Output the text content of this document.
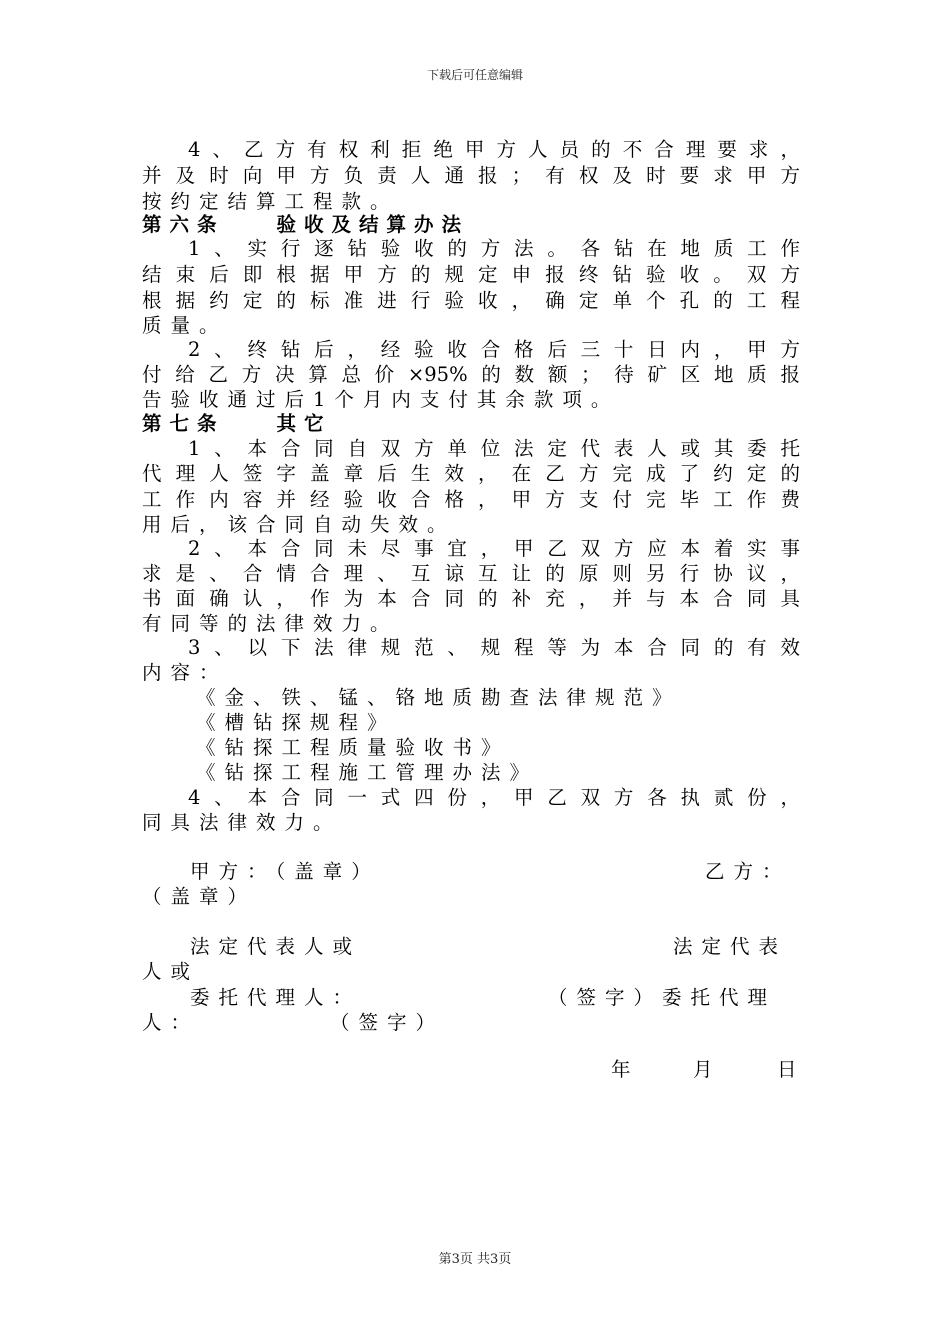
下载后可任意编辑
4、乙方有权利拒绝甲方人员的不合理要求，
并及时向甲方负责人通报；有权及时要求甲方
按约定结算工程款。
第六条	验收及结算办法
1、实行逐钻验收的方法。各钻在地质工作
结束后即根据甲方的规定申报终钻验收。双方
根据约定的标准进行验收，确定单个孔的工程
质量。
2、终钻后，经验收合格后三十日内，甲方
付给乙方决算总价×95%的数额；待矿区地质报
告验收通过后1个月内支付其余款项。
第七条	其它
1、本合同自双方单位法定代表人或其委托
代理人签字盖章后生效，在乙方完成了约定的
工作内容并经验收合格，甲方支付完毕工作费
用后，该合同自动失效。
2、本合同未尽事宜，甲乙双方应本着实事
求是、合情合理、互谅互让的原则另行协议，
书面确认，作为本合同的补充，并与本合同具
有同等的法律效力。
3、以下法律规范、规程等为本合同的有效
内容：
《金、铁、锰、铬地质勘查法律规范》
《槽钻探规程》
《钻探工程质量验收书》
《钻探工程施工管理办法》
4、本合同一式四份，甲乙双方各执贰份，
同具法律效力。
甲方：（盖章）	乙方：
（盖章）
法定代表人或	法定代表
人或
委托代理人：	（签字）委托代理
人：	（签字）
年	月	日
第3页 共3页
